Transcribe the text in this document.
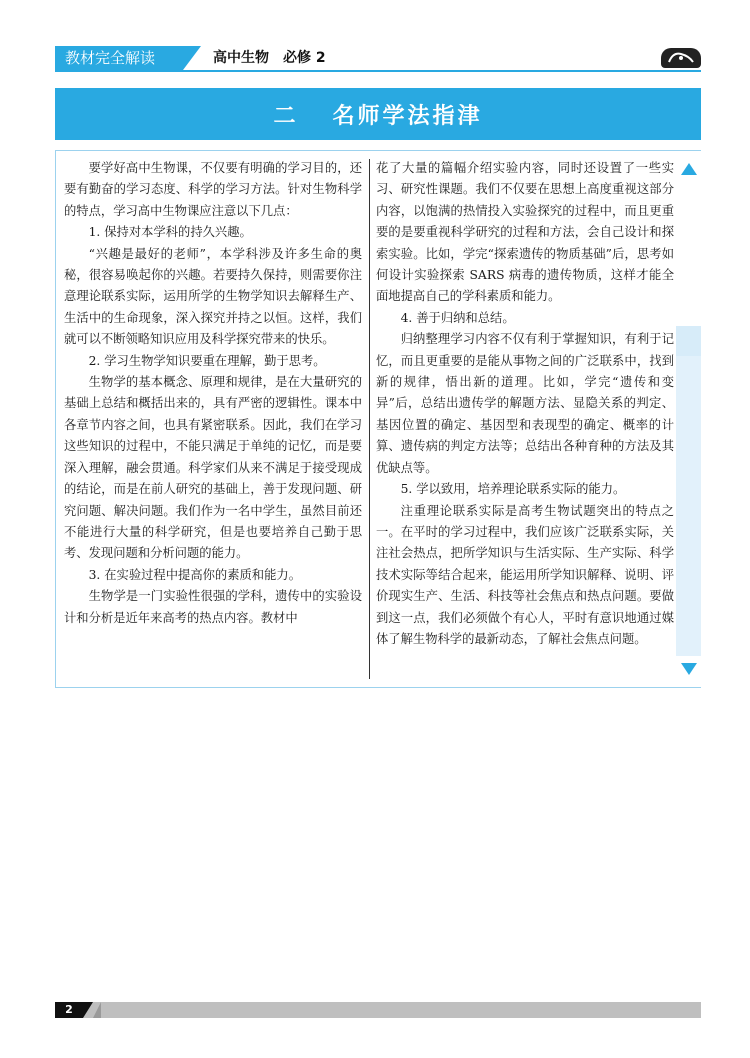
教材完全解读	高中生物　必修 2
二 名师学法指津

要学好高中生物课，不仅要有明确的学习目的，还要有勤奋的学习态度、科学的学习方法。针对生物科学的特点，学习高中生物课应注意以下几点：

1. 保持对本学科的持久兴趣。

“兴趣是最好的老师”，本学科涉及许多生命的奥秘，很容易唤起你的兴趣。若要持久保持，则需要你注意理论联系实际，运用所学的生物学知识去解释生产、生活中的生命现象，深入探究并持之以恒。这样，我们就可以不断领略知识应用及科学探究带来的快乐。

2. 学习生物学知识要重在理解，勤于思考。

生物学的基本概念、原理和规律，是在大量研究的基础上总结和概括出来的，具有严密的逻辑性。课本中各章节内容之间，也具有紧密联系。因此，我们在学习这些知识的过程中，不能只满足于单纯的记忆，而是要深入理解，融会贯通。科学家们从来不满足于接受现成的结论，而是在前人研究的基础上，善于发现问题、研究问题、解决问题。我们作为一名中学生，虽然目前还不能进行大量的科学研究，但是也要培养自己勤于思考、发现问题和分析问题的能力。

3. 在实验过程中提高你的素质和能力。

生物学是一门实验性很强的学科，遗传中的实验设计和分析是近年来高考的热点内容。教材中

花了大量的篇幅介绍实验内容，同时还设置了一些实习、研究性课题。我们不仅要在思想上高度重视这部分内容，以饱满的热情投入实验探究的过程中，而且更重要的是要重视科学研究的过程和方法，会自己设计和探索实验。比如，学完“探索遗传的物质基础”后，思考如何设计实验探索 SARS 病毒的遗传物质，这样才能全面地提高自己的学科素质和能力。

4. 善于归纳和总结。

归纳整理学习内容不仅有利于掌握知识，有利于记忆，而且更重要的是能从事物之间的广泛联系中，找到新的规律，悟出新的道理。比如，学完“遗传和变异”后，总结出遗传学的解题方法、显隐关系的判定、基因位置的确定、基因型和表现型的确定、概率的计算、遗传病的判定方法等；总结出各种育种的方法及其优缺点等。

5. 学以致用，培养理论联系实际的能力。

注重理论联系实际是高考生物试题突出的特点之一。在平时的学习过程中，我们应该广泛联系实际，关注社会热点，把所学知识与生活实际、生产实际、科学技术实际等结合起来，能运用所学知识解释、说明、评价现实生产、生活、科技等社会焦点和热点问题。要做到这一点，我们必须做个有心人，平时有意识地通过媒体了解生物科学的最新动态，了解社会焦点问题。

2
